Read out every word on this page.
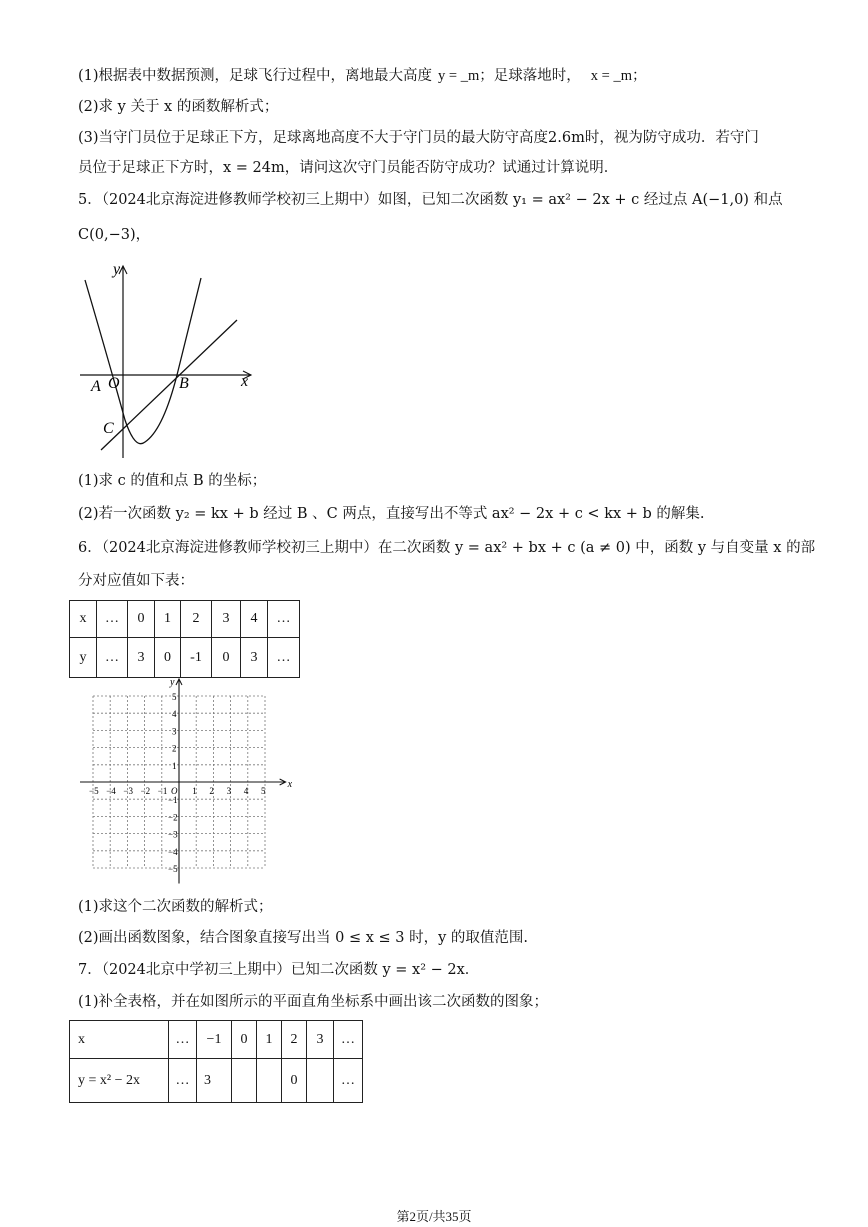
(1)根据表中数据预测，足球飞行过程中，离地最大高度 y = _m；足球落地时， x = _m；
(2)求 y 关于 x 的函数解析式；
(3)当守门员位于足球正下方，足球离地高度不大于守门员的最大防守高度2.6m时，视为防守成功．若守门
员位于足球正下方时，x = 24m，请问这次守门员能否防守成功？试通过计算说明．
5．（2024北京海淀进修教师学校初三上期中）如图，已知二次函数 y₁ = ax² − 2x + c 经过点 A(−1,0) 和点
C(0,−3)，
y
x
A O	B
C
(1)求 c 的值和点 B 的坐标；
(2)若一次函数 y₂ = kx + b 经过 B 、C 两点，直接写出不等式 ax² − 2x + c < kx + b 的解集.
6．（2024北京海淀进修教师学校初三上期中）在二次函数 y = ax² + bx + c (a ≠ 0) 中，函数 y 与自变量 x 的部
分对应值如下表：
x	…	0	1	2	3	4	…
y	…	3	0	-1	0	3	…
−5 −4 −3 −2 −1	1 2 3 4 5
5
4
3
2
1
−1
−2
−3
−4
−5
O
x
y
(1)求这个二次函数的解析式；
(2)画出函数图象，结合图象直接写出当 0 ≤ x ≤ 3 时，y 的取值范围.
7．（2024北京中学初三上期中）已知二次函数 y = x² − 2x．
(1)补全表格，并在如图所示的平面直角坐标系中画出该二次函数的图象；
x	…	−1	0	1	2	3	…
y = x² − 2x	…	3			0		…
第2页/共35页
